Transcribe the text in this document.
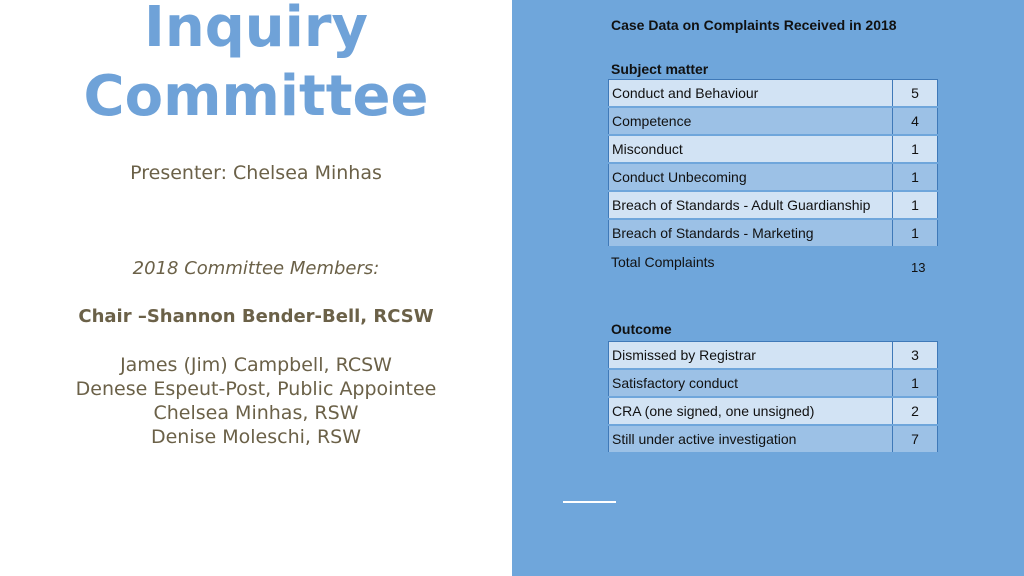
Inquiry
Committee
Presenter: Chelsea Minhas
2018 Committee Members:
Chair –Shannon Bender-Bell, RCSW
James (Jim) Campbell, RCSW
Denese Espeut-Post, Public Appointee
Chelsea Minhas, RSW
Denise Moleschi, RSW
Case Data on Complaints Received in 2018
Subject matter
Conduct and Behaviour	5
Competence	4
Misconduct	1
Conduct Unbecoming	1
Breach of Standards - Adult Guardianship	1
Breach of Standards - Marketing	1
Total Complaints	13
Outcome
Dismissed by Registrar	3
Satisfactory conduct	1
CRA (one signed, one unsigned)	2
Still under active investigation	7
